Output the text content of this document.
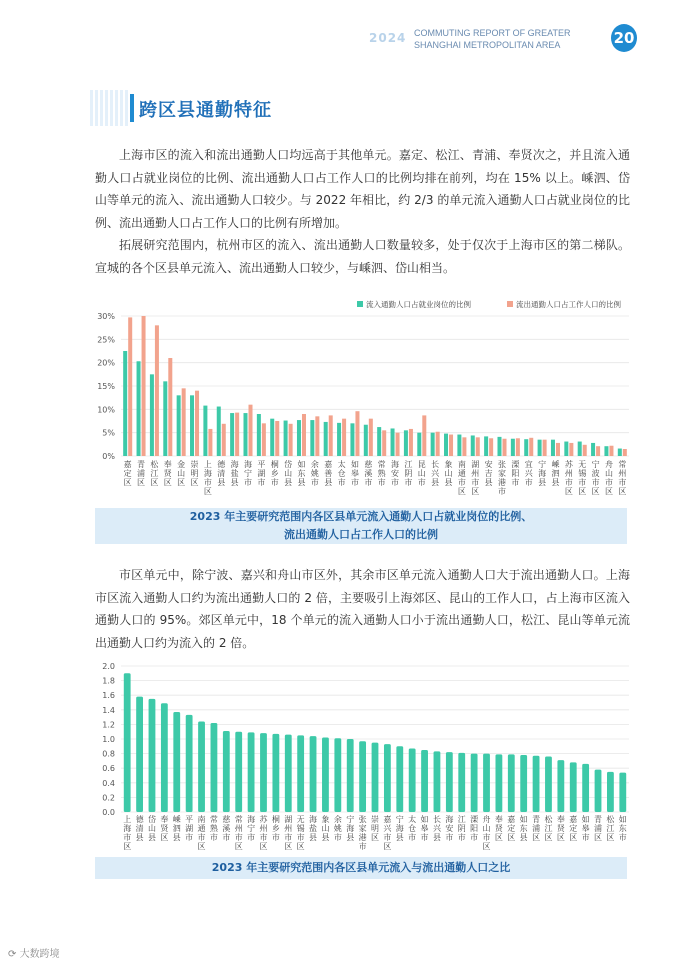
2024 COMMUTING REPORT OF GREATER
SHANGHAI METROPOLITAN AREA	20
跨区县通勤特征

上海市区的流入和流出通勤人口均远高于其他单元。嘉定、松江、青浦、奉贤次之，并且流入通勤人口占就业岗位的比例、流出通勤人口占工作人口的比例均排在前列，均在 15% 以上。嵊泗、岱山等单元的流入、流出通勤人口较少。与 2022 年相比，约 2/3 的单元流入通勤人口占就业岗位的比例、流出通勤人口占工作人口的比例有所增加。

拓展研究范围内，杭州市区的流入、流出通勤人口数量较多，处于仅次于上海市区的第二梯队。宣城的各个区县单元流入、流出通勤人口较少，与嵊泗、岱山相当。

0%
5%
10%
15%
20%
25%
30%
流入通勤人口占就业岗位的比例	流出通勤人口占工作人口的比例
嘉定区
青浦区
松江区
奉贤区
金山区
崇明区
上海市区
德清县
海盐县
海宁市
平湖市
桐乡市
岱山县
如东县
余姚市
嘉善县
太仓市
如皋市
慈溪市
常熟市
海安市
江阴市
昆山市
长兴县
象山县
南通市区
湖州市区
安吉县
张家港市
溧阳市
宜兴市
宁海县
嵊泗县
苏州市区
无锡市区
宁波市区
舟山市区
常州市区
2023 年主要研究范围内各区县单元流入通勤人口占就业岗位的比例、
流出通勤人口占工作人口的比例

市区单元中，除宁波、嘉兴和舟山市区外，其余市区单元流入通勤人口大于流出通勤人口。上海市区流入通勤人口约为流出通勤人口的 2 倍，主要吸引上海郊区、昆山的工作人口，占上海市区流入通勤人口的 95%。郊区单元中，18 个单元的流入通勤人口小于流出通勤人口，松江、昆山等单元流出通勤人口约为流入的 2 倍。

0.0
0.2
0.4
0.6
0.8
1.0
1.2
1.4
1.6
1.8
2.0
上海市区
德清县
岱山县
奉贤区
嵊泗县
平湖市
南通市区
常熟市
慈溪市
常州市区
海宁市
苏州市区
桐乡市
湖州市区
无锡市区
海盐县
象山县
余姚市
宁海县
张家港市
崇明区
嘉兴市区
宁海县
太仓市
如皋市
长兴县
海安市
江阴市
溧阳市
舟山市区
奉贤区
嘉定区
如东县
青浦区
松江区
奉贤区
嘉定区
如皋市
青浦区
松江区
如东市
2023 年主要研究范围内各区县单元流入与流出通勤人口之比
⟳ 大数跨境
